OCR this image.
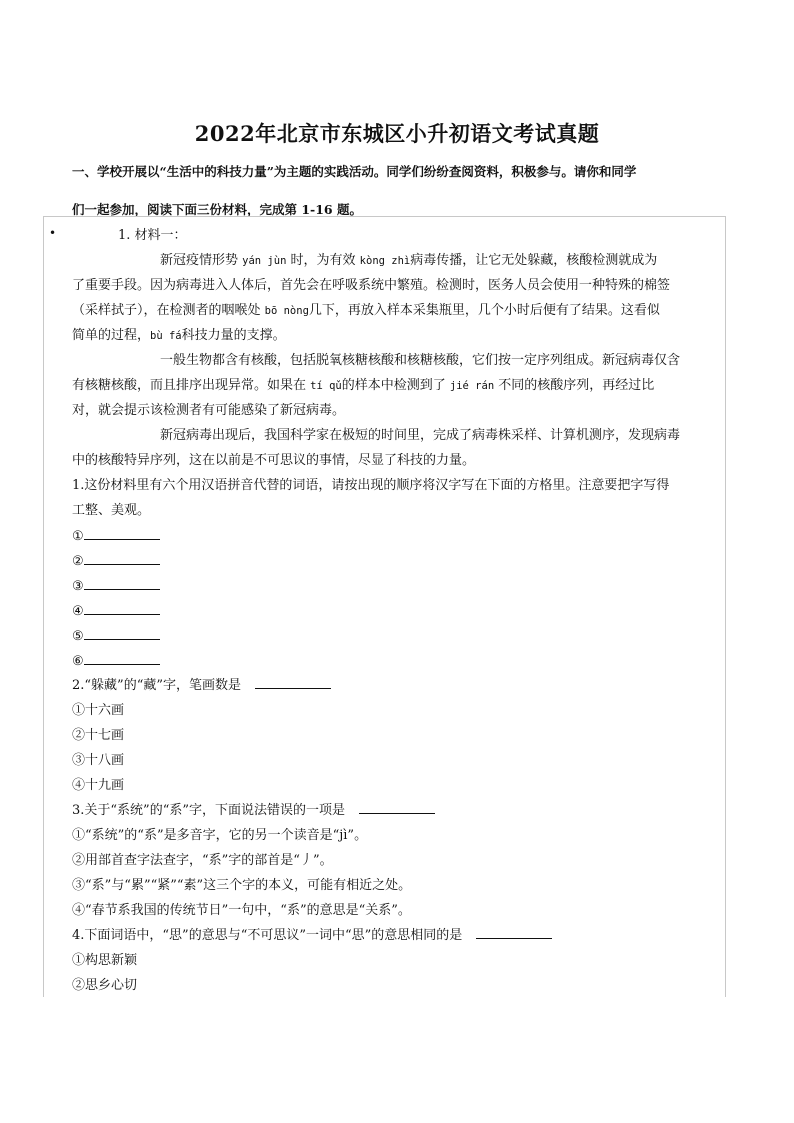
2022年北京市东城区小升初语文考试真题
一、学校开展以“生活中的科技力量”为主题的实践活动。同学们纷纷查阅资料，积极参与。请你和同学
们一起参加，阅读下面三份材料，完成第 1-16 题。
•	1. 材料一：
新冠疫情形势 yán jùn 时，为有效 kòng zhì病毒传播，让它无处躲藏，核酸检测就成为
了重要手段。因为病毒进入人体后，首先会在呼吸系统中繁殖。检测时，医务人员会使用一种特殊的棉签
（采样拭子），在检测者的咽喉处 bō nòng几下，再放入样本采集瓶里，几个小时后便有了结果。这看似
简单的过程，bù fá科技力量的支撑。
一般生物都含有核酸，包括脱氧核糖核酸和核糖核酸，它们按一定序列组成。新冠病毒仅含
有核糖核酸，而且排序出现异常。如果在 tí qǔ的样本中检测到了 jié rán 不同的核酸序列，再经过比
对，就会提示该检测者有可能感染了新冠病毒。
新冠病毒出现后，我国科学家在极短的时间里，完成了病毒株采样、计算机测序，发现病毒
中的核酸特异序列，这在以前是不可思议的事情，尽显了科技的力量。
1.这份材料里有六个用汉语拼音代替的词语，请按出现的顺序将汉字写在下面的方格里。注意要把字写得
工整、美观。
①
②
③
④
⑤
⑥
2.“躲藏”的“藏”字，笔画数是
①十六画
②十七画
③十八画
④十九画
3.关于“系统”的“系”字，下面说法错误的一项是
①“系统”的“系”是多音字，它的另一个读音是“jì”。
②用部首查字法查字，“系”字的部首是“丿”。
③“系”与“累”“紧”“素”这三个字的本义，可能有相近之处。
④“春节系我国的传统节日”一句中，“系”的意思是“关系”。
4.下面词语中，“思”的意思与“不可思议”一词中“思”的意思相同的是
①构思新颖
②思乡心切
